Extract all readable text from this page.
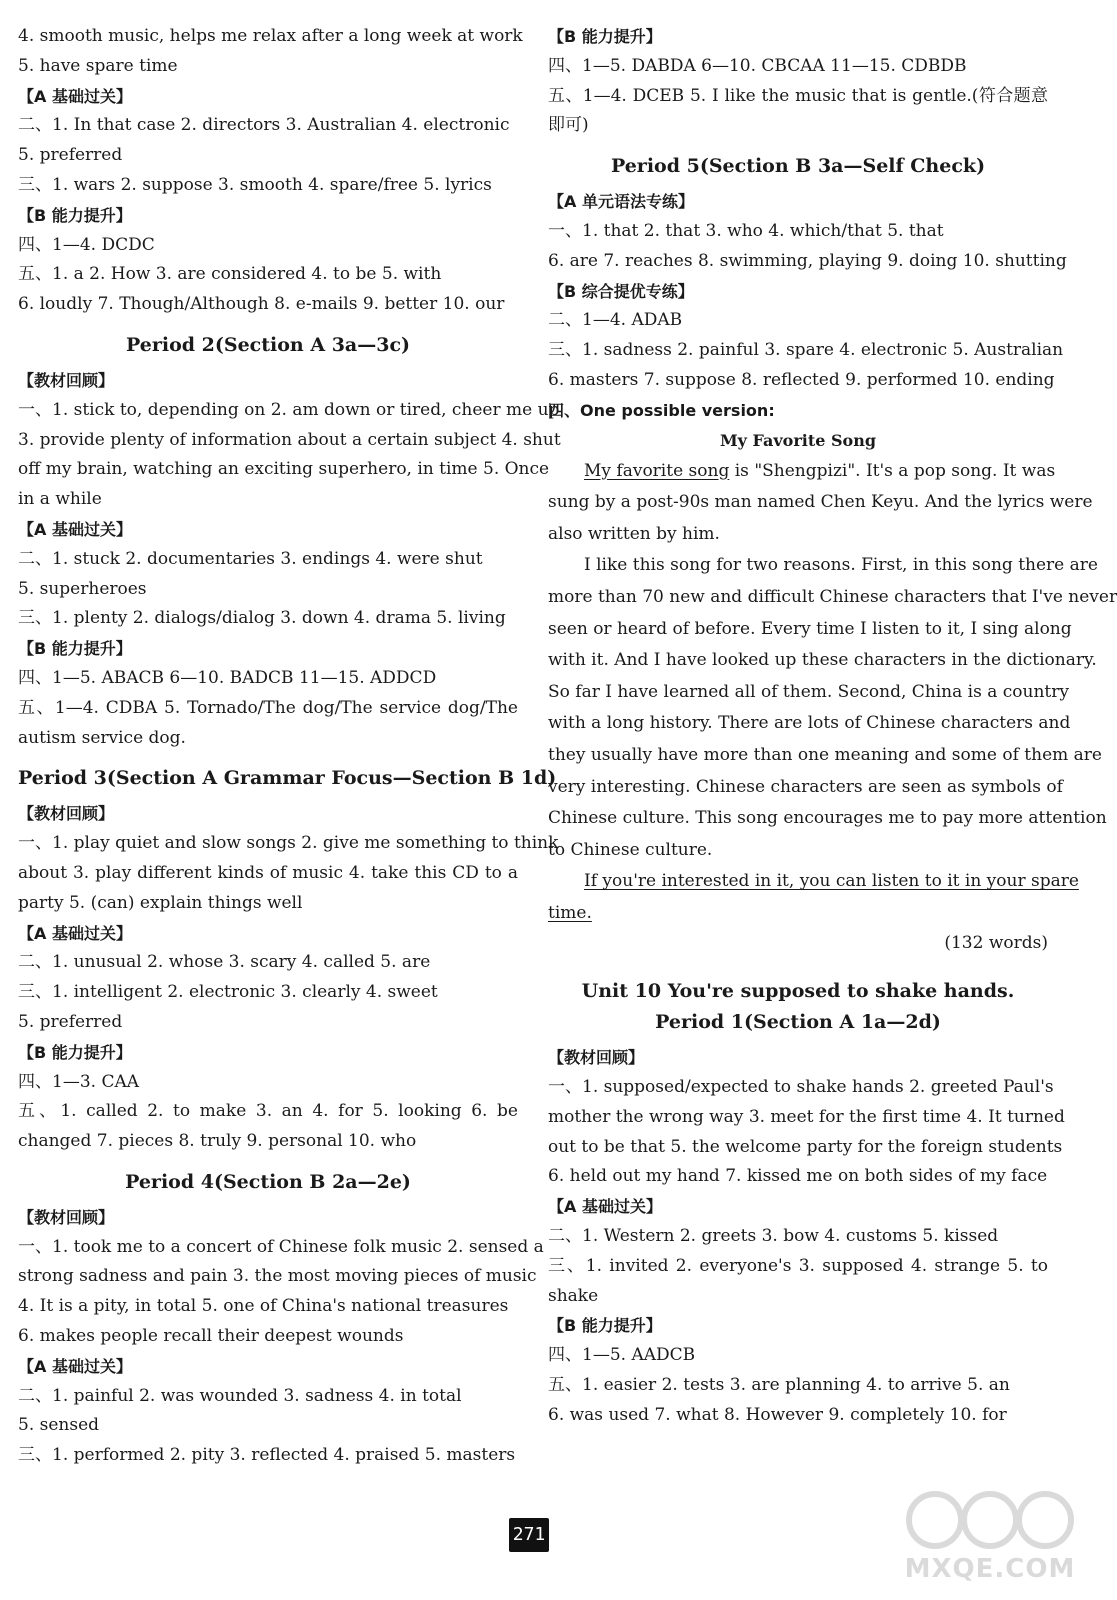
4. smooth music, helps me relax after a long week at work
5. have spare time
【A 基础过关】
二、1. In that case 2. directors 3. Australian 4. electronic
5. preferred
三、1. wars 2. suppose 3. smooth 4. spare/free 5. lyrics
【B 能力提升】
四、1—4. DCDC
五、1. a 2. How 3. are considered 4. to be 5. with
6. loudly 7. Though/Although 8. e-mails 9. better 10. our
Period 2(Section A 3a—3c)
【教材回顾】
一、1. stick to, depending on 2. am down or tired, cheer me up
3. provide plenty of information about a certain subject 4. shut
off my brain, watching an exciting superhero, in time 5. Once
in a while
【A 基础过关】
二、1. stuck 2. documentaries 3. endings 4. were shut
5. superheroes
三、1. plenty 2. dialogs/dialog 3. down 4. drama 5. living
【B 能力提升】
四、1—5. ABACB 6—10. BADCB 11—15. ADDCD
五、1—4. CDBA 5. Tornado/The dog/The service dog/The
autism service dog.
Period 3(Section A Grammar Focus—Section B 1d)
【教材回顾】
一、1. play quiet and slow songs 2. give me something to think
about 3. play different kinds of music 4. take this CD to a
party 5. (can) explain things well
【A 基础过关】
二、1. unusual 2. whose 3. scary 4. called 5. are
三、1. intelligent 2. electronic 3. clearly 4. sweet
5. preferred
【B 能力提升】
四、1—3. CAA
五、1. called 2. to make 3. an 4. for 5. looking 6. be
changed 7. pieces 8. truly 9. personal 10. who
Period 4(Section B 2a—2e)
【教材回顾】
一、1. took me to a concert of Chinese folk music 2. sensed a
strong sadness and pain 3. the most moving pieces of music
4. It is a pity, in total 5. one of China's national treasures
6. makes people recall their deepest wounds
【A 基础过关】
二、1. painful 2. was wounded 3. sadness 4. in total
5. sensed
三、1. performed 2. pity 3. reflected 4. praised 5. masters
【B 能力提升】
四、1—5. DABDA 6—10. CBCAA 11—15. CDBDB
五、1—4. DCEB 5. I like the music that is gentle.(符合题意
即可)
Period 5(Section B 3a—Self Check)
【A 单元语法专练】
一、1. that 2. that 3. who 4. which/that 5. that
6. are 7. reaches 8. swimming, playing 9. doing 10. shutting
【B 综合提优专练】
二、1—4. ADAB
三、1. sadness 2. painful 3. spare 4. electronic 5. Australian
6. masters 7. suppose 8. reflected 9. performed 10. ending
四、One possible version:
My Favorite Song
My favorite song is "Shengpizi". It's a pop song. It was
sung by a post-90s man named Chen Keyu. And the lyrics were
also written by him.
I like this song for two reasons. First, in this song there are
more than 70 new and difficult Chinese characters that I've never
seen or heard of before. Every time I listen to it, I sing along
with it. And I have looked up these characters in the dictionary.
So far I have learned all of them. Second, China is a country
with a long history. There are lots of Chinese characters and
they usually have more than one meaning and some of them are
very interesting. Chinese characters are seen as symbols of
Chinese culture. This song encourages me to pay more attention
to Chinese culture.
If you're interested in it, you can listen to it in your spare
time.
(132 words)
Unit 10 You're supposed to shake hands.
Period 1(Section A 1a—2d)
【教材回顾】
一、1. supposed/expected to shake hands 2. greeted Paul's
mother the wrong way 3. meet for the first time 4. It turned
out to be that 5. the welcome party for the foreign students
6. held out my hand 7. kissed me on both sides of my face
【A 基础过关】
二、1. Western 2. greets 3. bow 4. customs 5. kissed
三、1. invited 2. everyone's 3. supposed 4. strange 5. to
shake
【B 能力提升】
四、1—5. AADCB
五、1. easier 2. tests 3. are planning 4. to arrive 5. an
6. was used 7. what 8. However 9. completely 10. for
271
MXQE.COM
